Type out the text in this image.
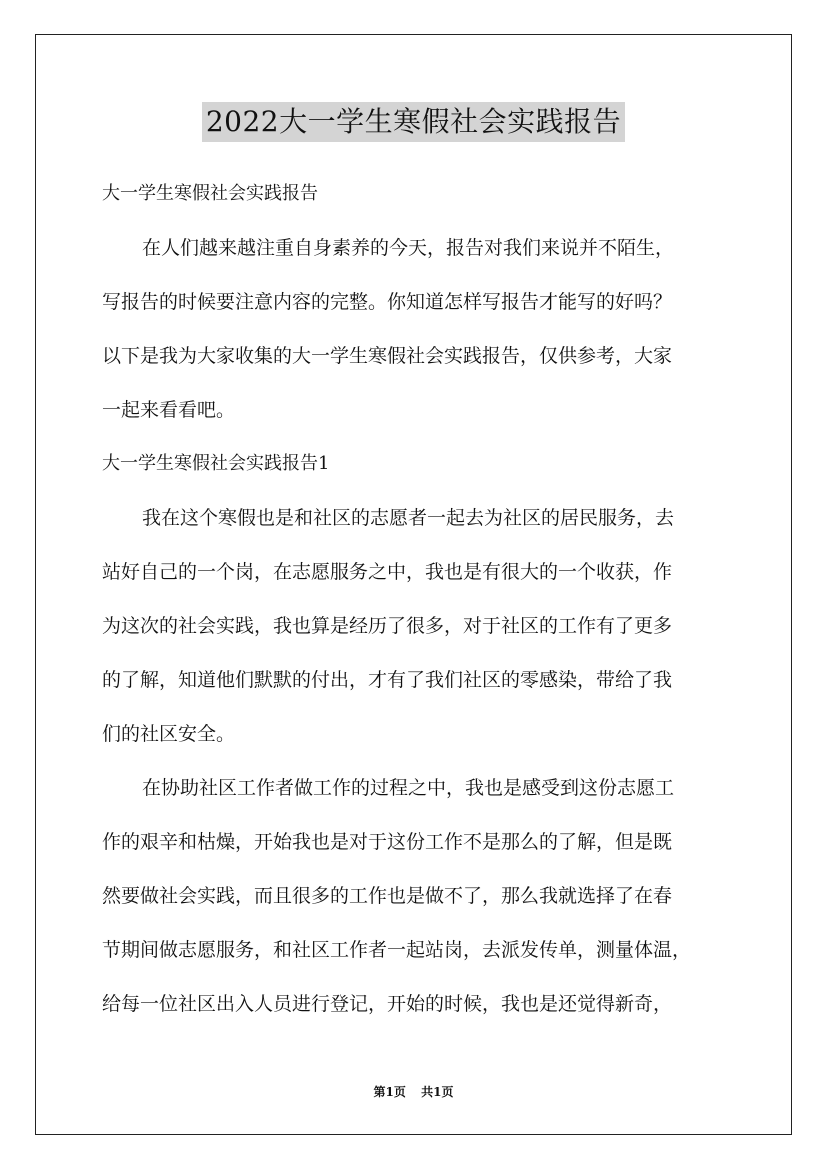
2022大一学生寒假社会实践报告
大一学生寒假社会实践报告
在人们越来越注重自身素养的今天，报告对我们来说并不陌生，
写报告的时候要注意内容的完整。你知道怎样写报告才能写的好吗？
以下是我为大家收集的大一学生寒假社会实践报告，仅供参考，大家
一起来看看吧。
大一学生寒假社会实践报告1
我在这个寒假也是和社区的志愿者一起去为社区的居民服务，去
站好自己的一个岗，在志愿服务之中，我也是有很大的一个收获，作
为这次的社会实践，我也算是经历了很多，对于社区的工作有了更多
的了解，知道他们默默的付出，才有了我们社区的零感染，带给了我
们的社区安全。
在协助社区工作者做工作的过程之中，我也是感受到这份志愿工
作的艰辛和枯燥，开始我也是对于这份工作不是那么的了解，但是既
然要做社会实践，而且很多的工作也是做不了，那么我就选择了在春
节期间做志愿服务，和社区工作者一起站岗，去派发传单，测量体温，
给每一位社区出入人员进行登记，开始的时候，我也是还觉得新奇，
第1页 共1页
